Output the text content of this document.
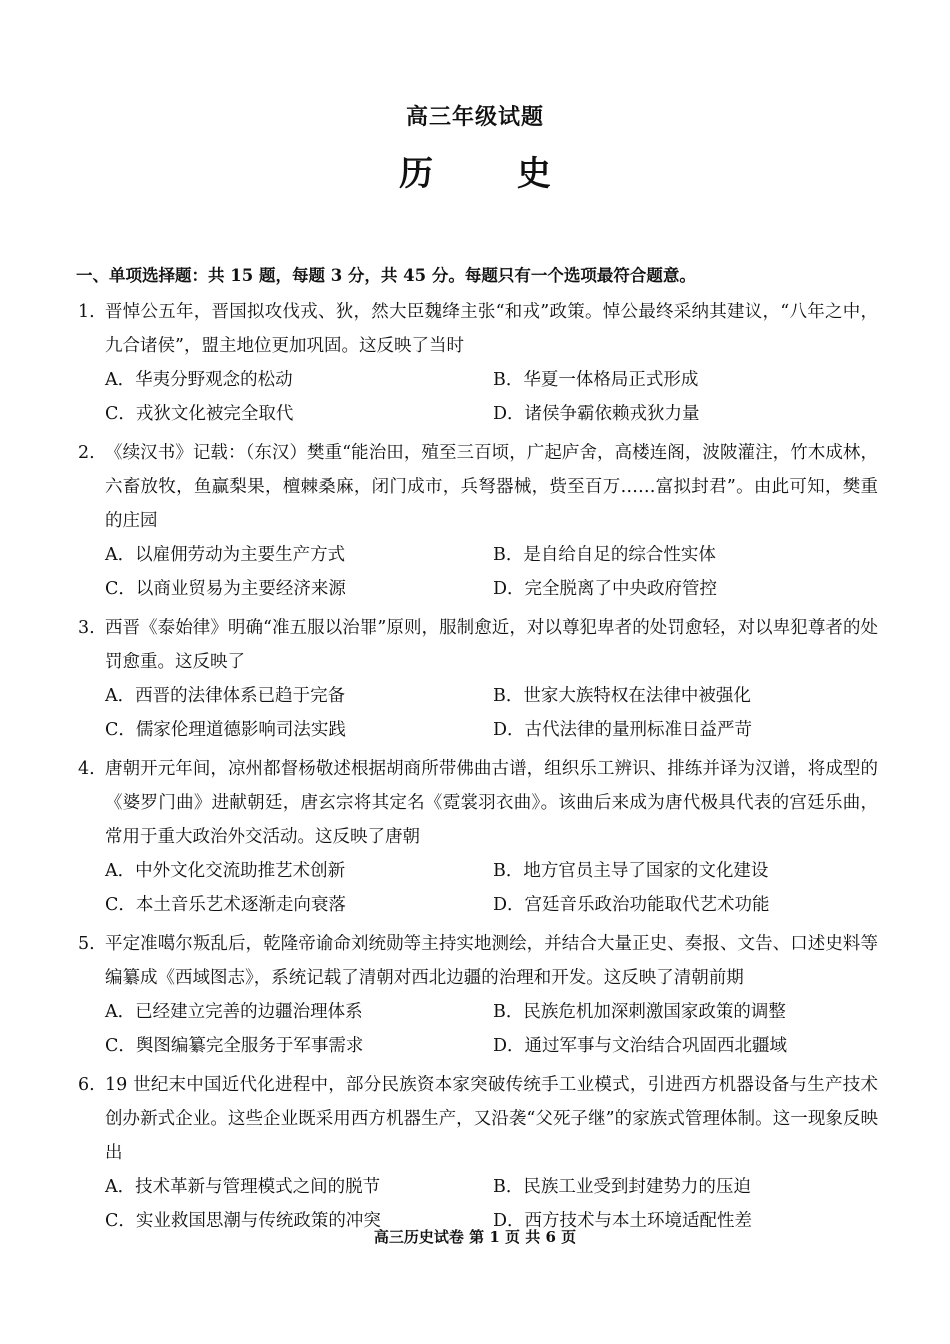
高三年级试题
历 史
一、单项选择题：共 15 题，每题 3 分，共 45 分。每题只有一个选项最符合题意。
1. 晋悼公五年，晋国拟攻伐戎、狄，然大臣魏绛主张“和戎”政策。悼公最终采纳其建议，“八年之中，九合诸侯”，盟主地位更加巩固。这反映了当时
A．华夷分野观念的松动	B．华夏一体格局正式形成
C．戎狄文化被完全取代	D．诸侯争霸依赖戎狄力量
2. 《续汉书》记载：（东汉）樊重“能治田，殖至三百顷，广起庐舍，高楼连阁，波陂灌注，竹木成林，六畜放牧，鱼赢梨果，檀棘桑麻，闭门成市，兵弩器械，赀至百万……富拟封君”。由此可知，樊重的庄园
A．以雇佣劳动为主要生产方式	B．是自给自足的综合性实体
C．以商业贸易为主要经济来源	D．完全脱离了中央政府管控
3. 西晋《泰始律》明确“准五服以治罪”原则，服制愈近，对以尊犯卑者的处罚愈轻，对以卑犯尊者的处罚愈重。这反映了
A．西晋的法律体系已趋于完备	B．世家大族特权在法律中被强化
C．儒家伦理道德影响司法实践	D．古代法律的量刑标准日益严苛
4. 唐朝开元年间，凉州都督杨敬述根据胡商所带佛曲古谱，组织乐工辨识、排练并译为汉谱，将成型的《婆罗门曲》进献朝廷，唐玄宗将其定名《霓裳羽衣曲》。该曲后来成为唐代极具代表的宫廷乐曲，常用于重大政治外交活动。这反映了唐朝
A．中外文化交流助推艺术创新	B．地方官员主导了国家的文化建设
C．本土音乐艺术逐渐走向衰落	D．宫廷音乐政治功能取代艺术功能
5. 平定准噶尔叛乱后，乾隆帝谕命刘统勋等主持实地测绘，并结合大量正史、奏报、文告、口述史料等编纂成《西域图志》，系统记载了清朝对西北边疆的治理和开发。这反映了清朝前期
A．已经建立完善的边疆治理体系	B．民族危机加深刺激国家政策的调整
C．舆图编纂完全服务于军事需求	D．通过军事与文治结合巩固西北疆域
6. 19 世纪末中国近代化进程中，部分民族资本家突破传统手工业模式，引进西方机器设备与生产技术创办新式企业。这些企业既采用西方机器生产，又沿袭“父死子继”的家族式管理体制。这一现象反映出
A．技术革新与管理模式之间的脱节	B．民族工业受到封建势力的压迫
C．实业救国思潮与传统政策的冲突	D．西方技术与本土环境适配性差
高三历史试卷 第 1 页 共 6 页
